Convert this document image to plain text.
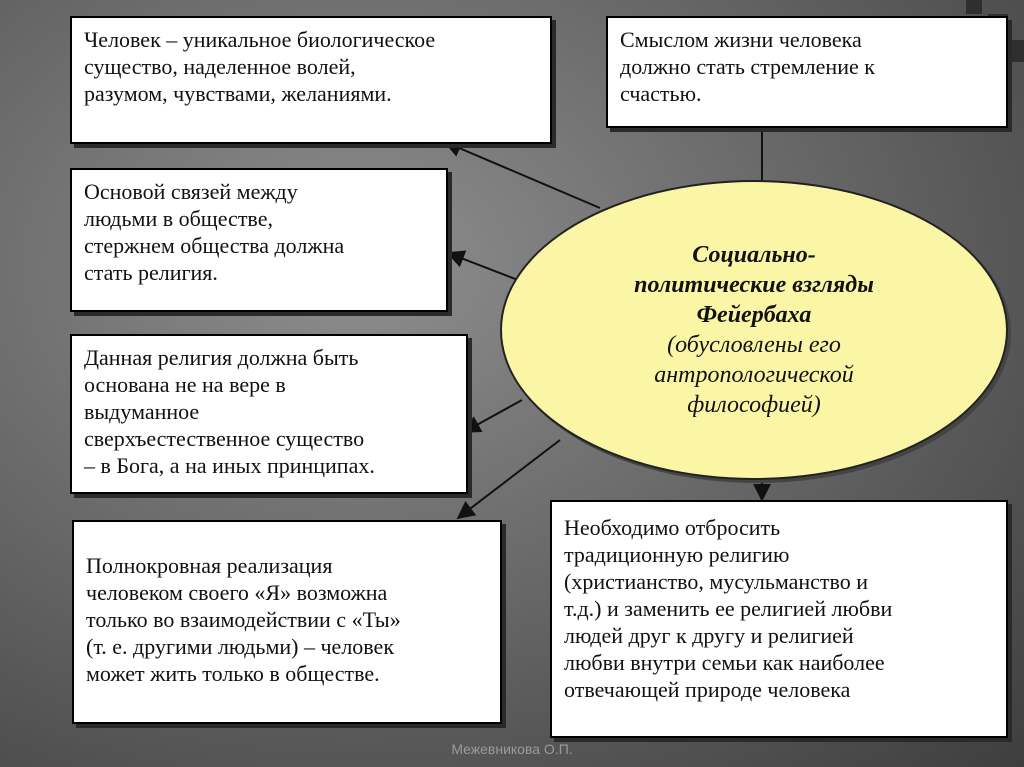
Человек – уникальное биологическое
существо, наделенное волей,
разумом, чувствами, желаниями.
Смыслом жизни человека
должно стать стремление к
счастью.
Основой связей между
людьми в обществе,
стержнем общества должна
стать религия.
Данная религия должна быть
основана не на вере в
выдуманное
сверхъестественное существо
– в Бога, а на иных принципах.
Полнокровная реализация
человеком своего «Я» возможна
только во взаимодействии с «Ты»
(т. е. другими людьми) – человек
может жить только в обществе.
Необходимо отбросить
традиционную религию
(христианство, мусульманство и
т.д.) и заменить ее религией любви
людей друг к другу и религией
любви внутри семьи как наиболее
отвечающей природе человека
Социально-
политические взгляды
Фейербаха
(обусловлены его
антропологической
философией)
Межевникова О.П.
